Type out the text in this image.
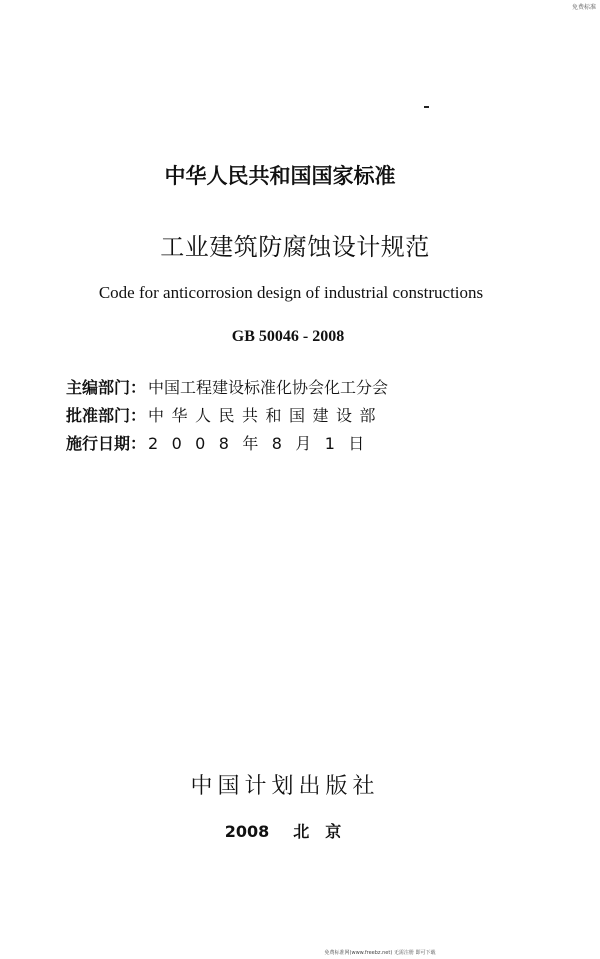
免费标准
中华人民共和国国家标准
工业建筑防腐蚀设计规范
Code for anticorrosion design of industrial constructions
GB 50046 - 2008
主编部门： 中国工程建设标准化协会化工分会
批准部门： 中华人民共和国建设部
施行日期： 2008年8月1日
中国计划出版社
2008 北　京
免费标准网(www.freebz.net) 无需注册 即可下载
